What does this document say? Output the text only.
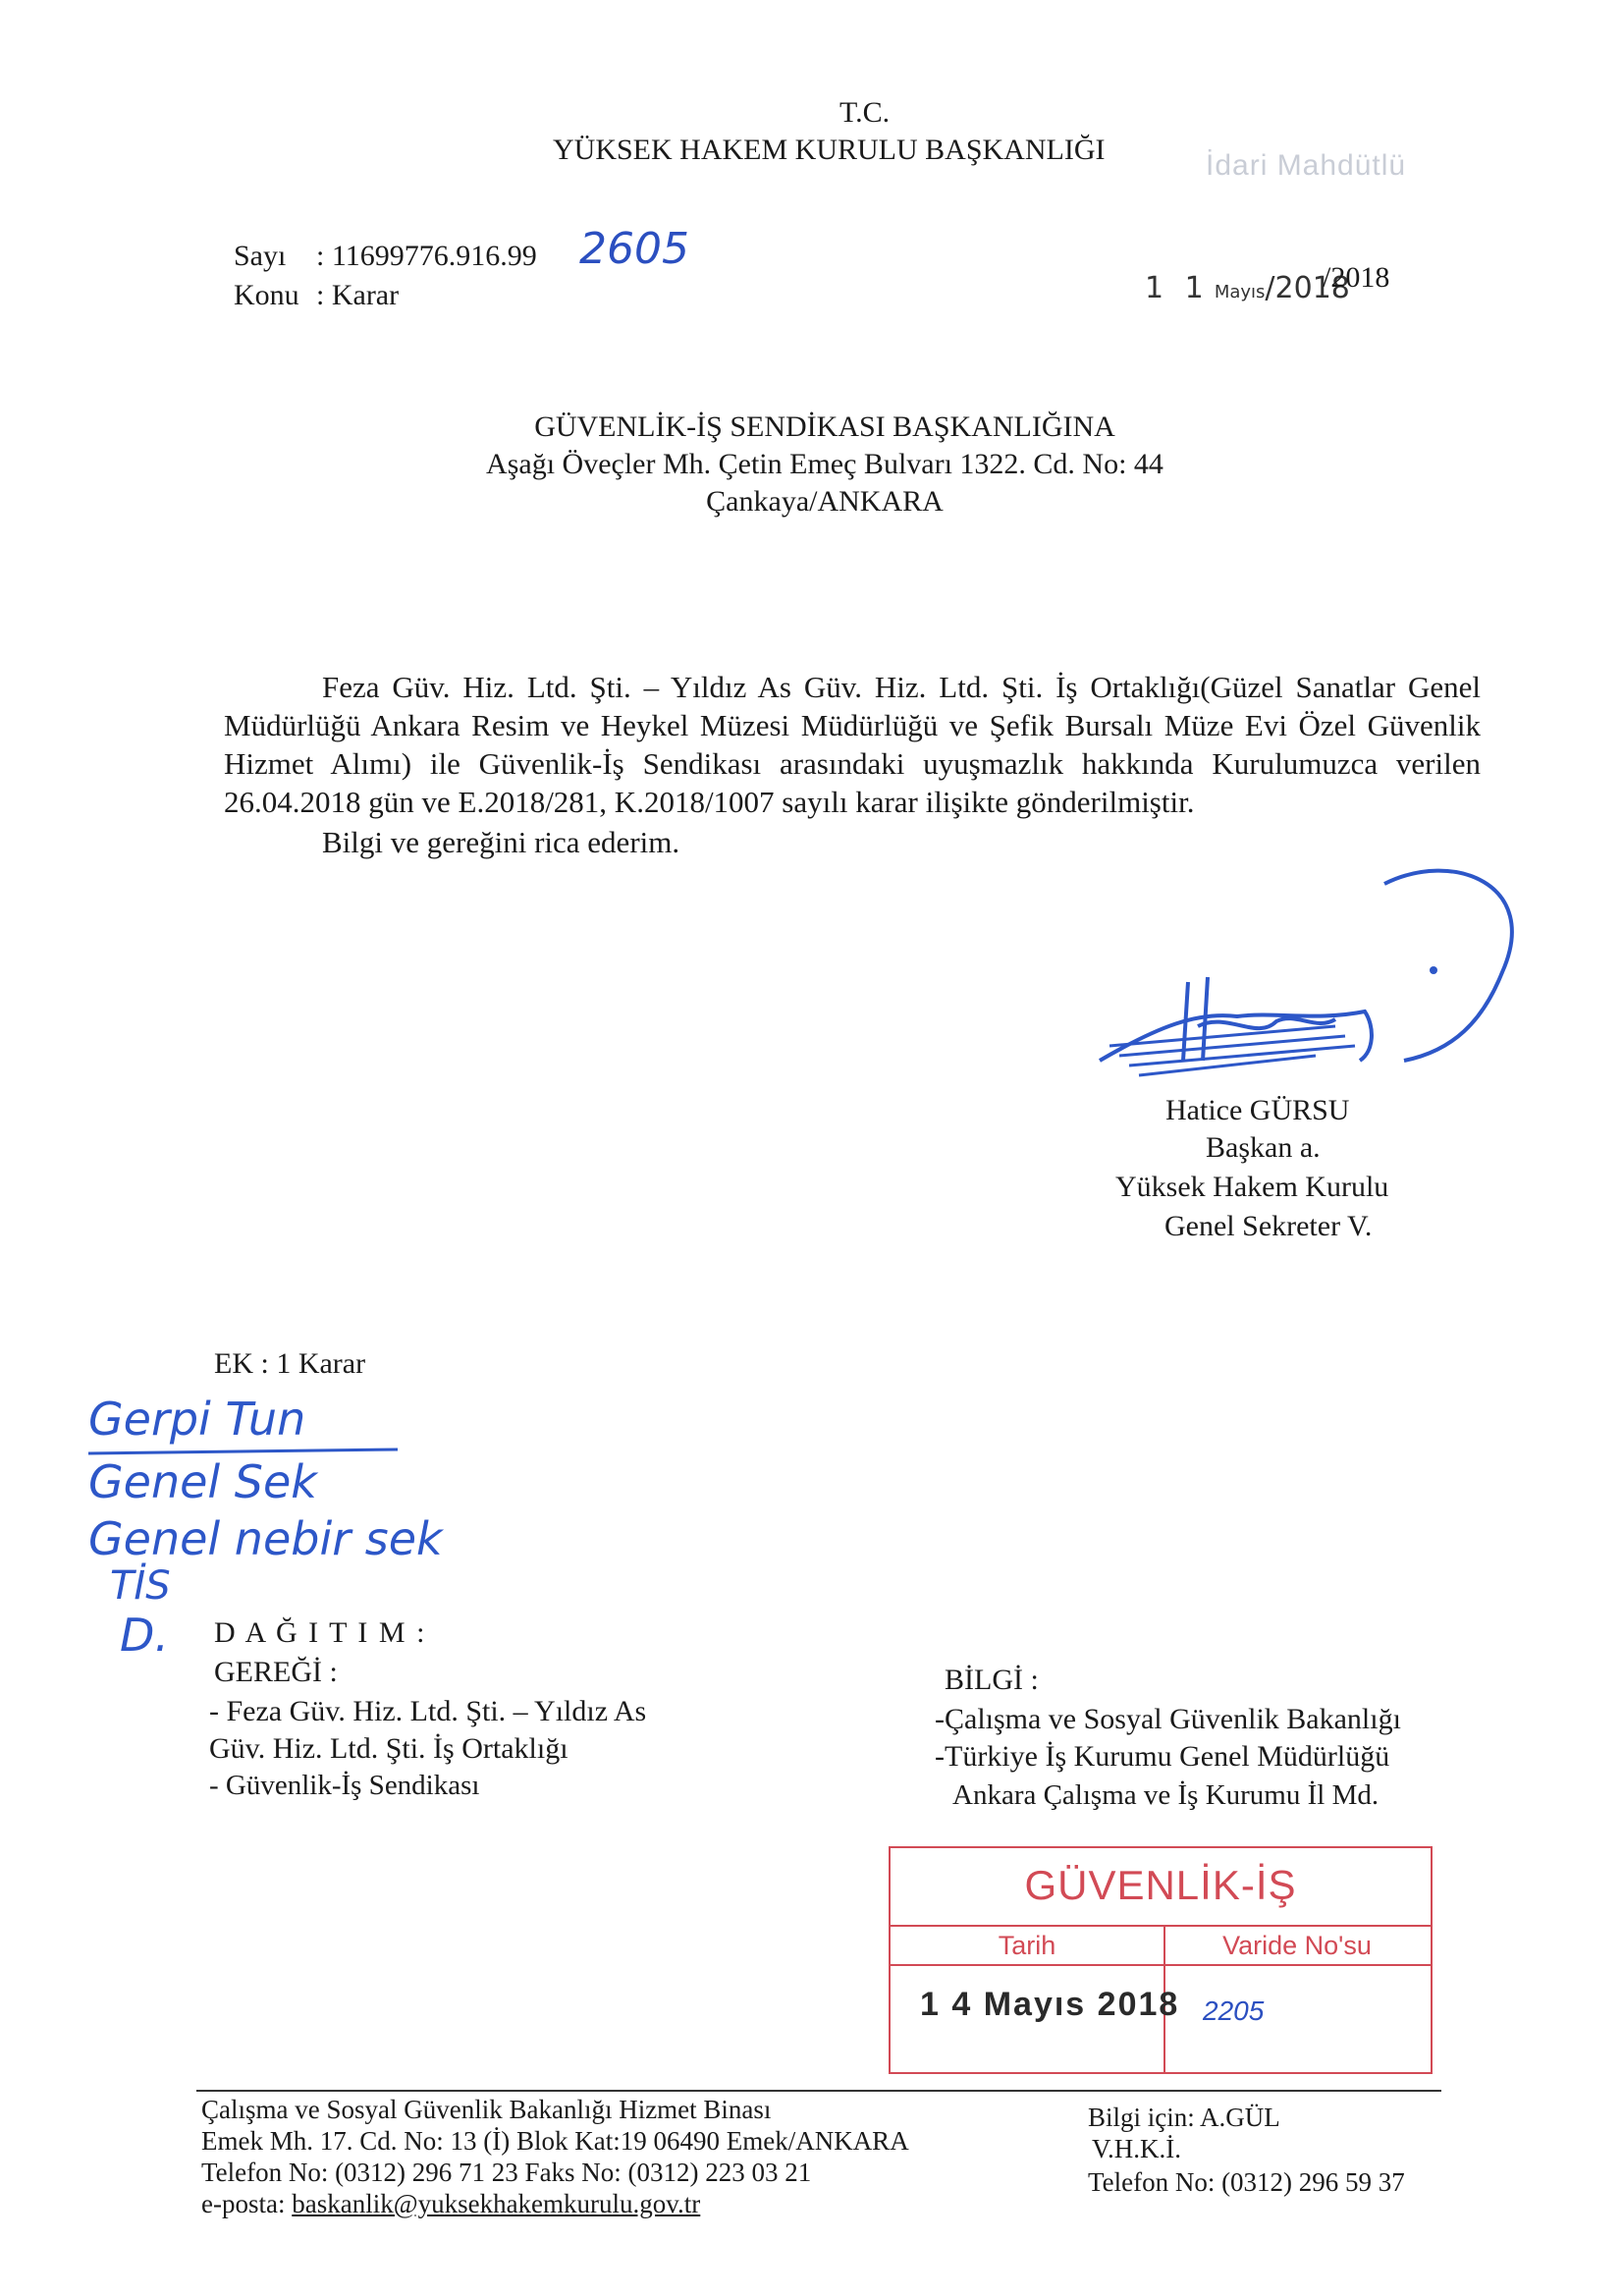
T.C.
YÜKSEK HAKEM KURULU BAŞKANLIĞI	İdari Mahdütlü
Sayı : 11699776.916.99 2605
Konu : Karar	1 1 Mayıs/2018
/2018
GÜVENLİK-İŞ SENDİKASI BAŞKANLIĞINA
Aşağı Öveçler Mh. Çetin Emeç Bulvarı 1322. Cd. No: 44
Çankaya/ANKARA

Feza Güv. Hiz. Ltd. Şti. – Yıldız As Güv. Hiz. Ltd. Şti. İş Ortaklığı(Güzel Sanatlar Genel Müdürlüğü Ankara Resim ve Heykel Müzesi Müdürlüğü ve Şefik Bursalı Müze Evi Özel Güvenlik Hizmet Alımı) ile Güvenlik-İş Sendikası arasındaki uyuşmazlık hakkında Kurulumuzca verilen 26.04.2018 gün ve E.2018/281, K.2018/1007 sayılı karar ilişikte gönderilmiştir.

Bilgi ve gereğini rica ederim.

Hatice GÜRSU
Başkan a.
Yüksek Hakem Kurulu
Genel Sekreter V.
EK : 1 Karar
Gerpi Tun
Genel Sek
Genel nebir sek
TİS
D. D A Ğ I T I M :
GEREĞİ :
- Feza Güv. Hiz. Ltd. Şti. – Yıldız As
Güv. Hiz. Ltd. Şti. İş Ortaklığı
- Güvenlik-İş Sendikası
BİLGİ :
-Çalışma ve Sosyal Güvenlik Bakanlığı
-Türkiye İş Kurumu Genel Müdürlüğü
Ankara Çalışma ve İş Kurumu İl Md.
GÜVENLİK-İŞ
Tarih	Varide No'su
1 4 Mayıs 2018 2205
Çalışma ve Sosyal Güvenlik Bakanlığı Hizmet Binası
Emek Mh. 17. Cd. No: 13 (İ) Blok Kat:19 06490 Emek/ANKARA
Telefon No: (0312) 296 71 23 Faks No: (0312) 223 03 21
e-posta: baskanlik@yuksekhakemkurulu.gov.tr
Bilgi için: A.GÜL
V.H.K.İ.
Telefon No: (0312) 296 59 37
